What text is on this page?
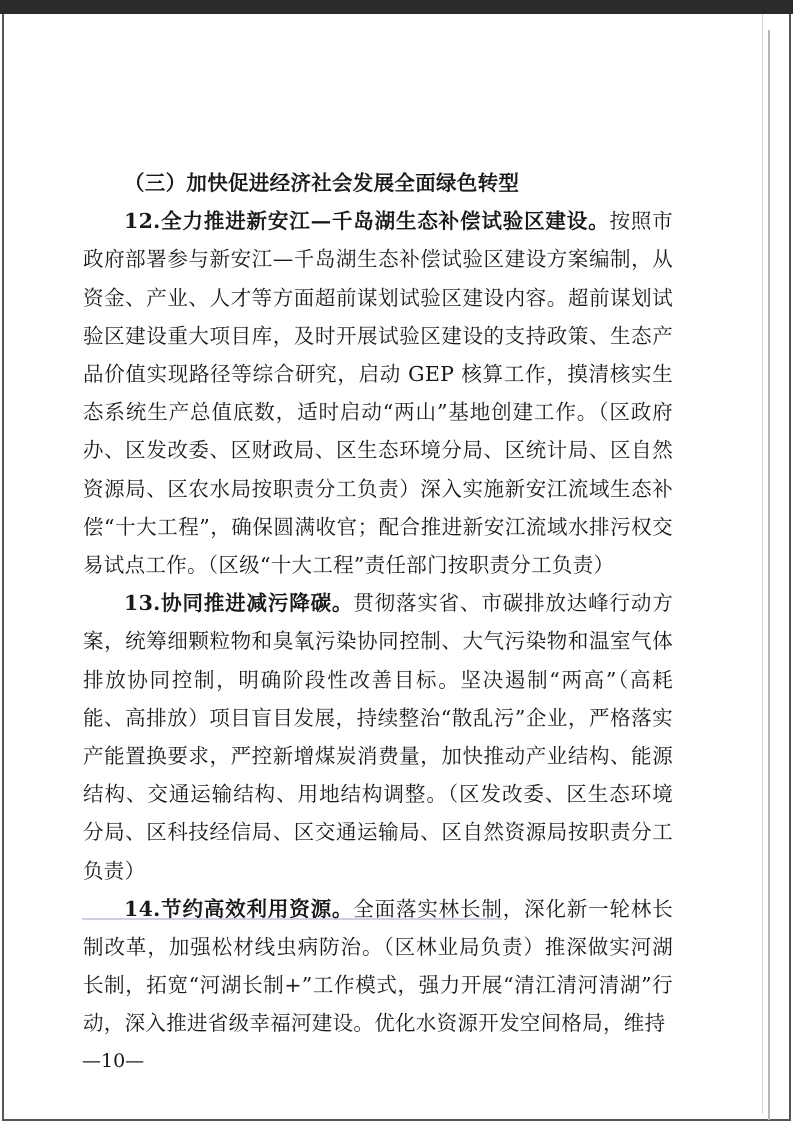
（三）加快促进经济社会发展全面绿色转型

12.全力推进新安江—千岛湖生态补偿试验区建设。按照市政府部署参与新安江—千岛湖生态补偿试验区建设方案编制，从资金、产业、人才等方面超前谋划试验区建设内容。超前谋划试验区建设重大项目库，及时开展试验区建设的支持政策、生态产品价值实现路径等综合研究，启动 GEP 核算工作，摸清核实生态系统生产总值底数，适时启动“两山”基地创建工作。（区政府办、区发改委、区财政局、区生态环境分局、区统计局、区自然资源局、区农水局按职责分工负责）深入实施新安江流域生态补偿“十大工程”，确保圆满收官；配合推进新安江流域水排污权交易试点工作。（区级“十大工程”责任部门按职责分工负责）

13.协同推进减污降碳。贯彻落实省、市碳排放达峰行动方案，统筹细颗粒物和臭氧污染协同控制、大气污染物和温室气体排放协同控制，明确阶段性改善目标。坚决遏制“两高”（高耗能、高排放）项目盲目发展，持续整治“散乱污”企业，严格落实产能置换要求，严控新增煤炭消费量，加快推动产业结构、能源结构、交通运输结构、用地结构调整。（区发改委、区生态环境分局、区科技经信局、区交通运输局、区自然资源局按职责分工负责）

14.节约高效利用资源。全面落实林长制，深化新一轮林长制改革，加强松材线虫病防治。（区林业局负责）推深做实河湖长制，拓宽“河湖长制+”工作模式，强力开展“清江清河清湖”行动，深入推进省级幸福河建设。优化水资源开发空间格局，维持

—10—
